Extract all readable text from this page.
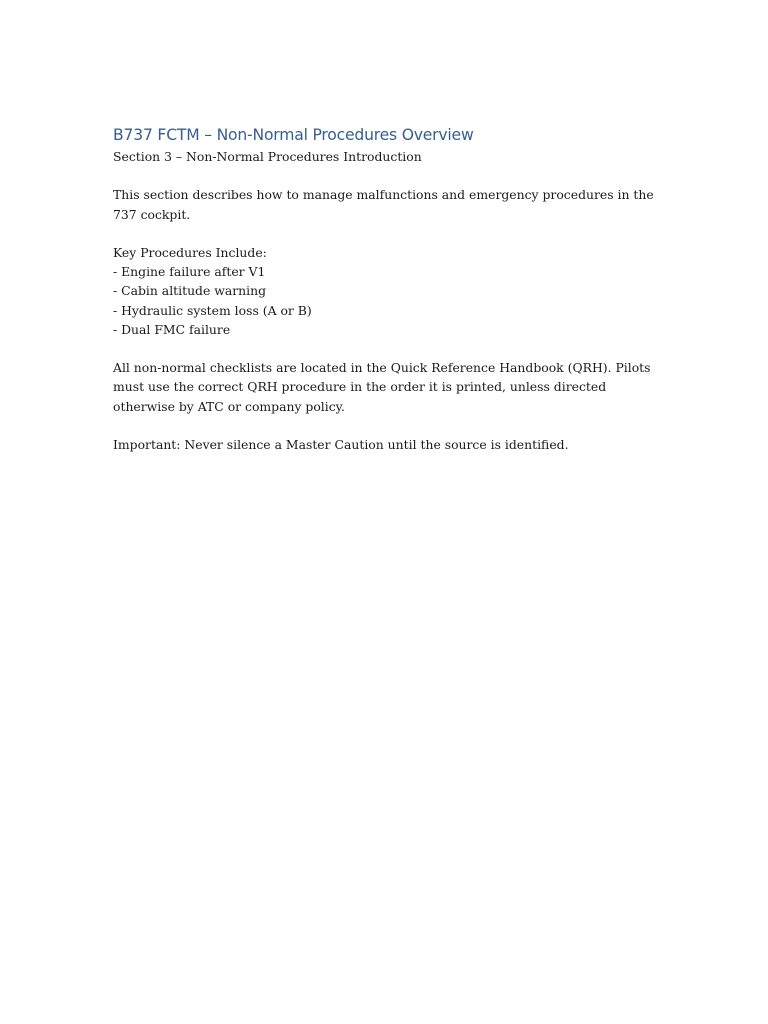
B737 FCTM – Non-Normal Procedures Overview

Section 3 – Non-Normal Procedures Introduction

This section describes how to manage malfunctions and emergency procedures in the 737 cockpit.

Key Procedures Include:

- Engine failure after V1
- Cabin altitude warning
- Hydraulic system loss (A or B)
- Dual FMC failure

All non-normal checklists are located in the Quick Reference Handbook (QRH). Pilots must use the correct QRH procedure in the order it is printed, unless directed otherwise by ATC or company policy.

Important: Never silence a Master Caution until the source is identified.
